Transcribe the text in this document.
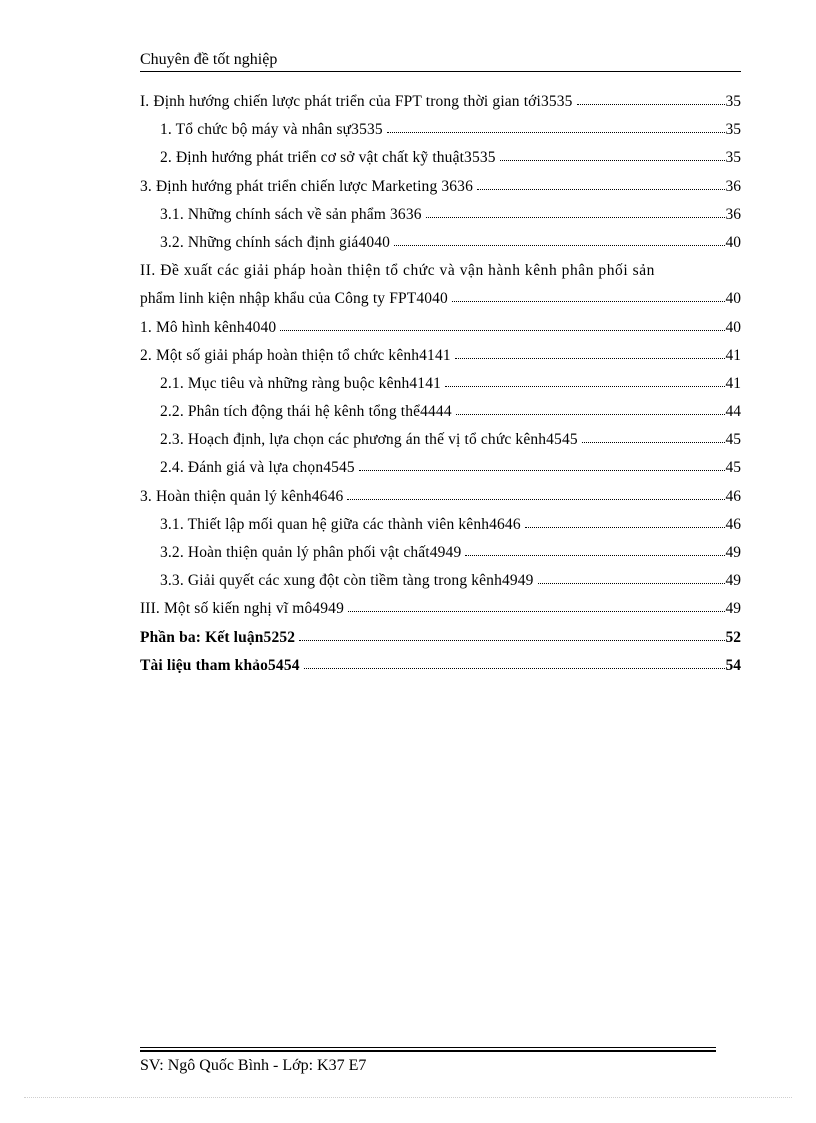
Chuyên đề tốt nghiệp
I. Định hướng chiến lược phát triển của FPT trong thời gian tới3535	35
1. Tổ chức bộ máy và nhân sự3535	35
2. Định hướng phát triển cơ sở vật chất kỹ thuật3535	35
3. Định hướng phát triển chiến lược Marketing 3636	36
3.1. Những chính sách về sản phẩm 3636	36
3.2. Những chính sách định giá4040	40
II. Đề xuất các giải pháp hoàn thiện tổ chức và vận hành kênh phân phối sản
phẩm linh kiện nhập khẩu của Công ty FPT4040	40
1. Mô hình kênh4040	40
2. Một số giải pháp hoàn thiện tổ chức kênh4141	41
2.1. Mục tiêu và những ràng buộc kênh4141	41
2.2. Phân tích động thái hệ kênh tổng thể4444	44
2.3. Hoạch định, lựa chọn các phương án thế vị tổ chức kênh4545	45
2.4. Đánh giá và lựa chọn4545	45
3. Hoàn thiện quản lý kênh4646	46
3.1. Thiết lập mối quan hệ giữa các thành viên kênh4646	46
3.2. Hoàn thiện quản lý phân phối vật chất4949	49
3.3. Giải quyết các xung đột còn tiềm tàng trong kênh4949	49
III. Một số kiến nghị vĩ mô4949	49
Phần ba: Kết luận5252	52
Tài liệu tham khảo5454	54
SV: Ngô Quốc Bình - Lớp: K37 E7
